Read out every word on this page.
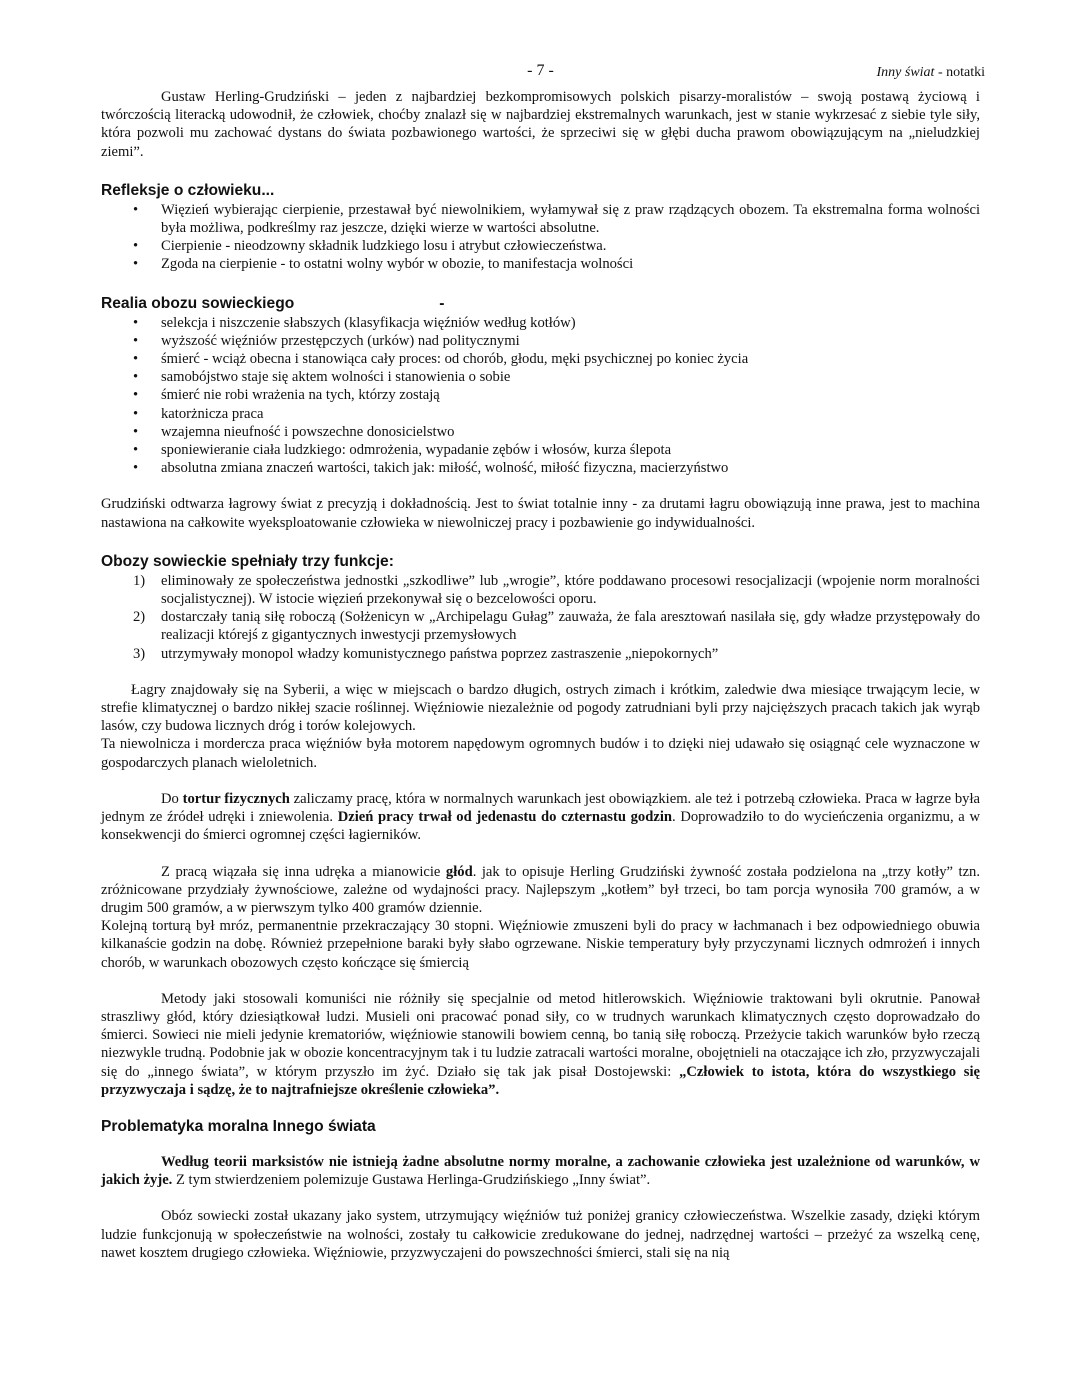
- 7 -	Inny świat - notatki

Gustaw Herling-Grudziński – jeden z najbardziej bezkompromisowych polskich pisarzy-moralistów – swoją postawą życiową i twórczością literacką udowodnił, że człowiek, choćby znalazł się w najbardziej ekstremalnych warunkach, jest w stanie wykrzesać z siebie tyle siły, która pozwoli mu zachować dystans do świata pozbawionego wartości, że sprzeciwi się w głębi ducha prawom obowiązującym na „nieludzkiej ziemi”.

Refleksje o człowieku...
• Więzień wybierając cierpienie, przestawał być niewolnikiem, wyłamywał się z praw rządzących obozem. Ta ekstremalna forma wolności była możliwa, podkreślmy raz jeszcze, dzięki wierze w wartości absolutne.
• Cierpienie - nieodzowny składnik ludzkiego losu i atrybut człowieczeństwa.
• Zgoda na cierpienie - to ostatni wolny wybór w obozie, to manifestacja wolności
Realia obozu sowieckiego	-
• selekcja i niszczenie słabszych (klasyfikacja więźniów według kotłów)
• wyższość więźniów przestępczych (urków) nad politycznymi
• śmierć - wciąż obecna i stanowiąca cały proces: od chorób, głodu, męki psychicznej po koniec życia
• samobójstwo staje się aktem wolności i stanowienia o sobie
• śmierć nie robi wrażenia na tych, którzy zostają
• katorżnicza praca
• wzajemna nieufność i powszechne donosicielstwo
• sponiewieranie ciała ludzkiego: odmrożenia, wypadanie zębów i włosów, kurza ślepota
• absolutna zmiana znaczeń wartości, takich jak: miłość, wolność, miłość fizyczna, macierzyństwo

Grudziński odtwarza łagrowy świat z precyzją i dokładnością. Jest to świat totalnie inny - za drutami łagru obowiązują inne prawa, jest to machina nastawiona na całkowite wyeksploatowanie człowieka w niewolniczej pracy i pozbawienie go indywidualności.

Obozy sowieckie spełniały trzy funkcje:
1) eliminowały ze społeczeństwa jednostki „szkodliwe” lub „wrogie”, które poddawano procesowi resocjalizacji (wpojenie norm moralności socjalistycznej). W istocie więzień przekonywał się o bezcelowości oporu.
2) dostarczały tanią siłę roboczą (Sołżenicyn w „Archipelagu Gułag” zauważa, że fala aresztowań nasilała się, gdy władze przystępowały do realizacji którejś z gigantycznych inwestycji przemysłowych
3) utrzymywały monopol władzy komunistycznego państwa poprzez zastraszenie „niepokornych”

Łagry znajdowały się na Syberii, a więc w miejscach o bardzo długich, ostrych zimach i krótkim, zaledwie dwa miesiące trwającym lecie, w strefie klimatycznej o bardzo nikłej szacie roślinnej. Więźniowie niezależnie od pogody zatrudniani byli przy najcięższych pracach takich jak wyrąb lasów, czy budowa licznych dróg i torów kolejowych.

Ta niewolnicza i mordercza praca więźniów była motorem napędowym ogromnych budów i to dzięki niej udawało się osiągnąć cele wyznaczone w gospodarczych planach wieloletnich.

Do tortur fizycznych zaliczamy pracę, która w normalnych warunkach jest obowiązkiem. ale też i potrzebą człowieka. Praca w łagrze była jednym ze źródeł udręki i zniewolenia. Dzień pracy trwał od jedenastu do czternastu godzin. Doprowadziło to do wycieńczenia organizmu, a w konsekwencji do śmierci ogromnej części łagierników.

Z pracą wiązała się inna udręka a mianowicie głód. jak to opisuje Herling Grudziński żywność została podzielona na „trzy kotły” tzn. zróżnicowane przydziały żywnościowe, zależne od wydajności pracy. Najlepszym „kotłem” był trzeci, bo tam porcja wynosiła 700 gramów, a w drugim 500 gramów, a w pierwszym tylko 400 gramów dziennie.

Kolejną torturą był mróz, permanentnie przekraczający 30 stopni. Więźniowie zmuszeni byli do pracy w łachmanach i bez odpowiedniego obuwia kilkanaście godzin na dobę. Również przepełnione baraki były słabo ogrzewane. Niskie temperatury były przyczynami licznych odmrożeń i innych chorób, w warunkach obozowych często kończące się śmiercią

Metody jaki stosowali komuniści nie różniły się specjalnie od metod hitlerowskich. Więźniowie traktowani byli okrutnie. Panował straszliwy głód, który dziesiątkował ludzi. Musieli oni pracować ponad siły, co w trudnych warunkach klimatycznych często doprowadzało do śmierci. Sowieci nie mieli jedynie krematoriów, więźniowie stanowili bowiem cenną, bo tanią siłę roboczą. Przeżycie takich warunków było rzeczą niezwykle trudną. Podobnie jak w obozie koncentracyjnym tak i tu ludzie zatracali wartości moralne, obojętnieli na otaczające ich zło, przyzwyczajali się do „innego świata”, w którym przyszło im żyć. Działo się tak jak pisał Dostojewski: „Człowiek to istota, która do wszystkiego się przyzwyczaja i sądzę, że to najtrafniejsze określenie człowieka”.

Problematyka moralna Innego świata

Według teorii marksistów nie istnieją żadne absolutne normy moralne, a zachowanie człowieka jest uzależnione od warunków, w jakich żyje. Z tym stwierdzeniem polemizuje Gustawa Herlinga-Grudzińskiego „Inny świat”.

Obóz sowiecki został ukazany jako system, utrzymujący więźniów tuż poniżej granicy człowieczeństwa. Wszelkie zasady, dzięki którym ludzie funkcjonują w społeczeństwie na wolności, zostały tu całkowicie zredukowane do jednej, nadrzędnej wartości – przeżyć za wszelką cenę, nawet kosztem drugiego człowieka. Więźniowie, przyzwyczajeni do powszechności śmierci, stali się na nią
